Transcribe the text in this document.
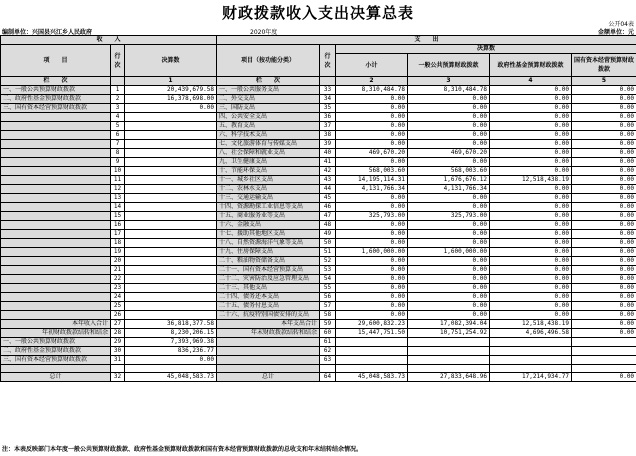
财政拨款收入支出决算总表
公开04表
编制单位：兴国县兴江乡人民政府	2020年度	金额单位：元
收　　入			支　　出					
项　　目	行次	决算数	项目（按功能分类）	行次	决算数			
					小计	一般公共预算财政拨款	政府性基金预算财政拨款	国有资本经营预算财政拨款

栏　　次		1	栏　　次		2	3	4	5
一、一般公共预算财政拨款	1	20,439,679.58	一、一般公共服务支出	33	8,310,484.78	8,310,484.78	0.00	0.00
二、政府性基金预算财政拨款	2	16,378,698.00	二、外交支出	34	0.00	0.00	0.00	0.00
三、国有资本经营预算财政拨款	3	0.00	三、国防支出	35	0.00	0.00	0.00	0.00
	4		四、公共安全支出	36	0.00	0.00	0.00	0.00
	5		五、教育支出	37	0.00	0.00	0.00	0.00
	6		六、科学技术支出	38	0.00	0.00	0.00	0.00
	7		七、文化旅游体育与传媒支出	39	0.00	0.00	0.00	0.00
	8		八、社会保障和就业支出	40	469,670.20	469,670.20	0.00	0.00
	9		九、卫生健康支出	41	0.00	0.00	0.00	0.00
	10		十、节能环保支出	42	568,003.60	568,003.60	0.00	0.00
	11		十一、城乡社区支出	43	14,195,114.31	1,676,676.12	12,518,438.19	0.00
	12		十二、农林水支出	44	4,131,766.34	4,131,766.34	0.00	0.00
	13		十三、交通运输支出	45	0.00	0.00	0.00	0.00
	14		十四、资源勘探工业信息等支出	46	0.00	0.00	0.00	0.00
	15		十五、商业服务业等支出	47	325,793.00	325,793.00	0.00	0.00
	16		十六、金融支出	48	0.00	0.00	0.00	0.00
	17		十七、援助其他地区支出	49	0.00	0.00	0.00	0.00
	18		十八、自然资源海洋气象等支出	50	0.00	0.00	0.00	0.00
	19		十九、住房保障支出	51	1,600,000.00	1,600,000.00	0.00	0.00
	20		二十、粮油物资储备支出	52	0.00	0.00	0.00	0.00
	21		二十一、国有资本经营预算支出	53	0.00	0.00	0.00	0.00
	22		二十二、灾害防治及应急管理支出	54	0.00	0.00	0.00	0.00
	23		二十三、其他支出	55	0.00	0.00	0.00	0.00
	24		二十四、债务还本支出	56	0.00	0.00	0.00	0.00
	25		二十五、债务付息支出	57	0.00	0.00	0.00	0.00
	26		二十六、抗疫特别国债安排的支出	58	0.00	0.00	0.00	0.00
本年收入合计	27	36,818,377.58	本年支出合计	59	29,600,832.23	17,082,394.04	12,518,438.19	0.00
年初财政拨款结转和结余	28	8,230,206.15	年末财政拨款结转和结余	60	15,447,751.50	10,751,254.92	4,696,496.58	0.00
一、一般公共预算财政拨款	29	7,393,969.38		61				
二、政府性基金预算财政拨款	30	836,236.77		62				
三、国有资本经营预算财政拨款	31	0.00		63				

总计	32	45,048,583.73	总计	64	45,048,583.73	27,833,648.96	17,214,934.77	0.00
注：本表反映部门本年度一般公共预算财政拨款、政府性基金预算财政拨款和国有资本经营预算财政拨款的总收支和年末结转结余情况。
